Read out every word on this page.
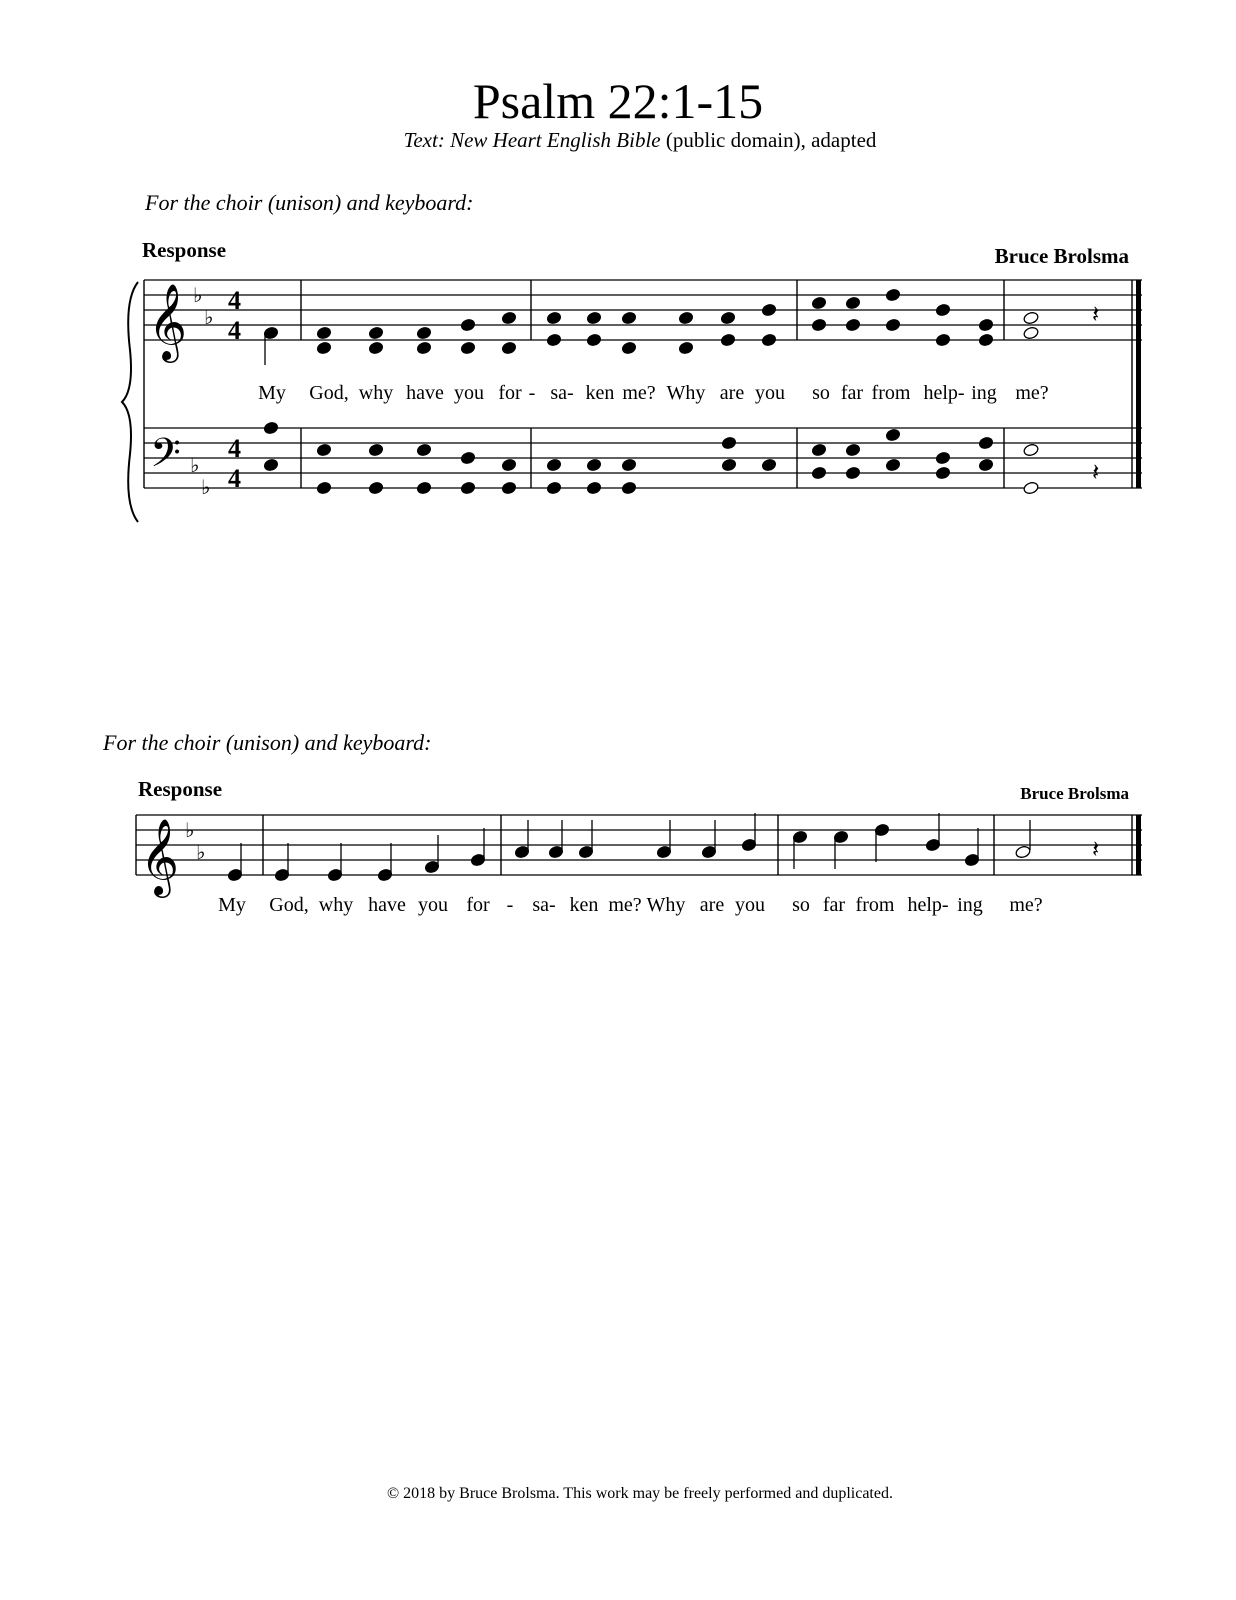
Psalm 22:1-15
Text: New Heart English Bible (public domain), adapted
For the choir (unison) and keyboard:
Response	Bruce Brolsma
For the choir (unison) and keyboard:
Response	Bruce Brolsma
My	God, why have you for - sa- ken me? Why are you	so far from help- ing me?
My	God, why have you for - sa- ken me? Why are you	so far from help- ing me?
© 2018 by Bruce Brolsma. This work may be freely performed and duplicated.
𝄞
𝄢
𝄞
♭
♭
♭
♭
♭
♭
4
4
4
4
𝄽
𝄽
𝄽
